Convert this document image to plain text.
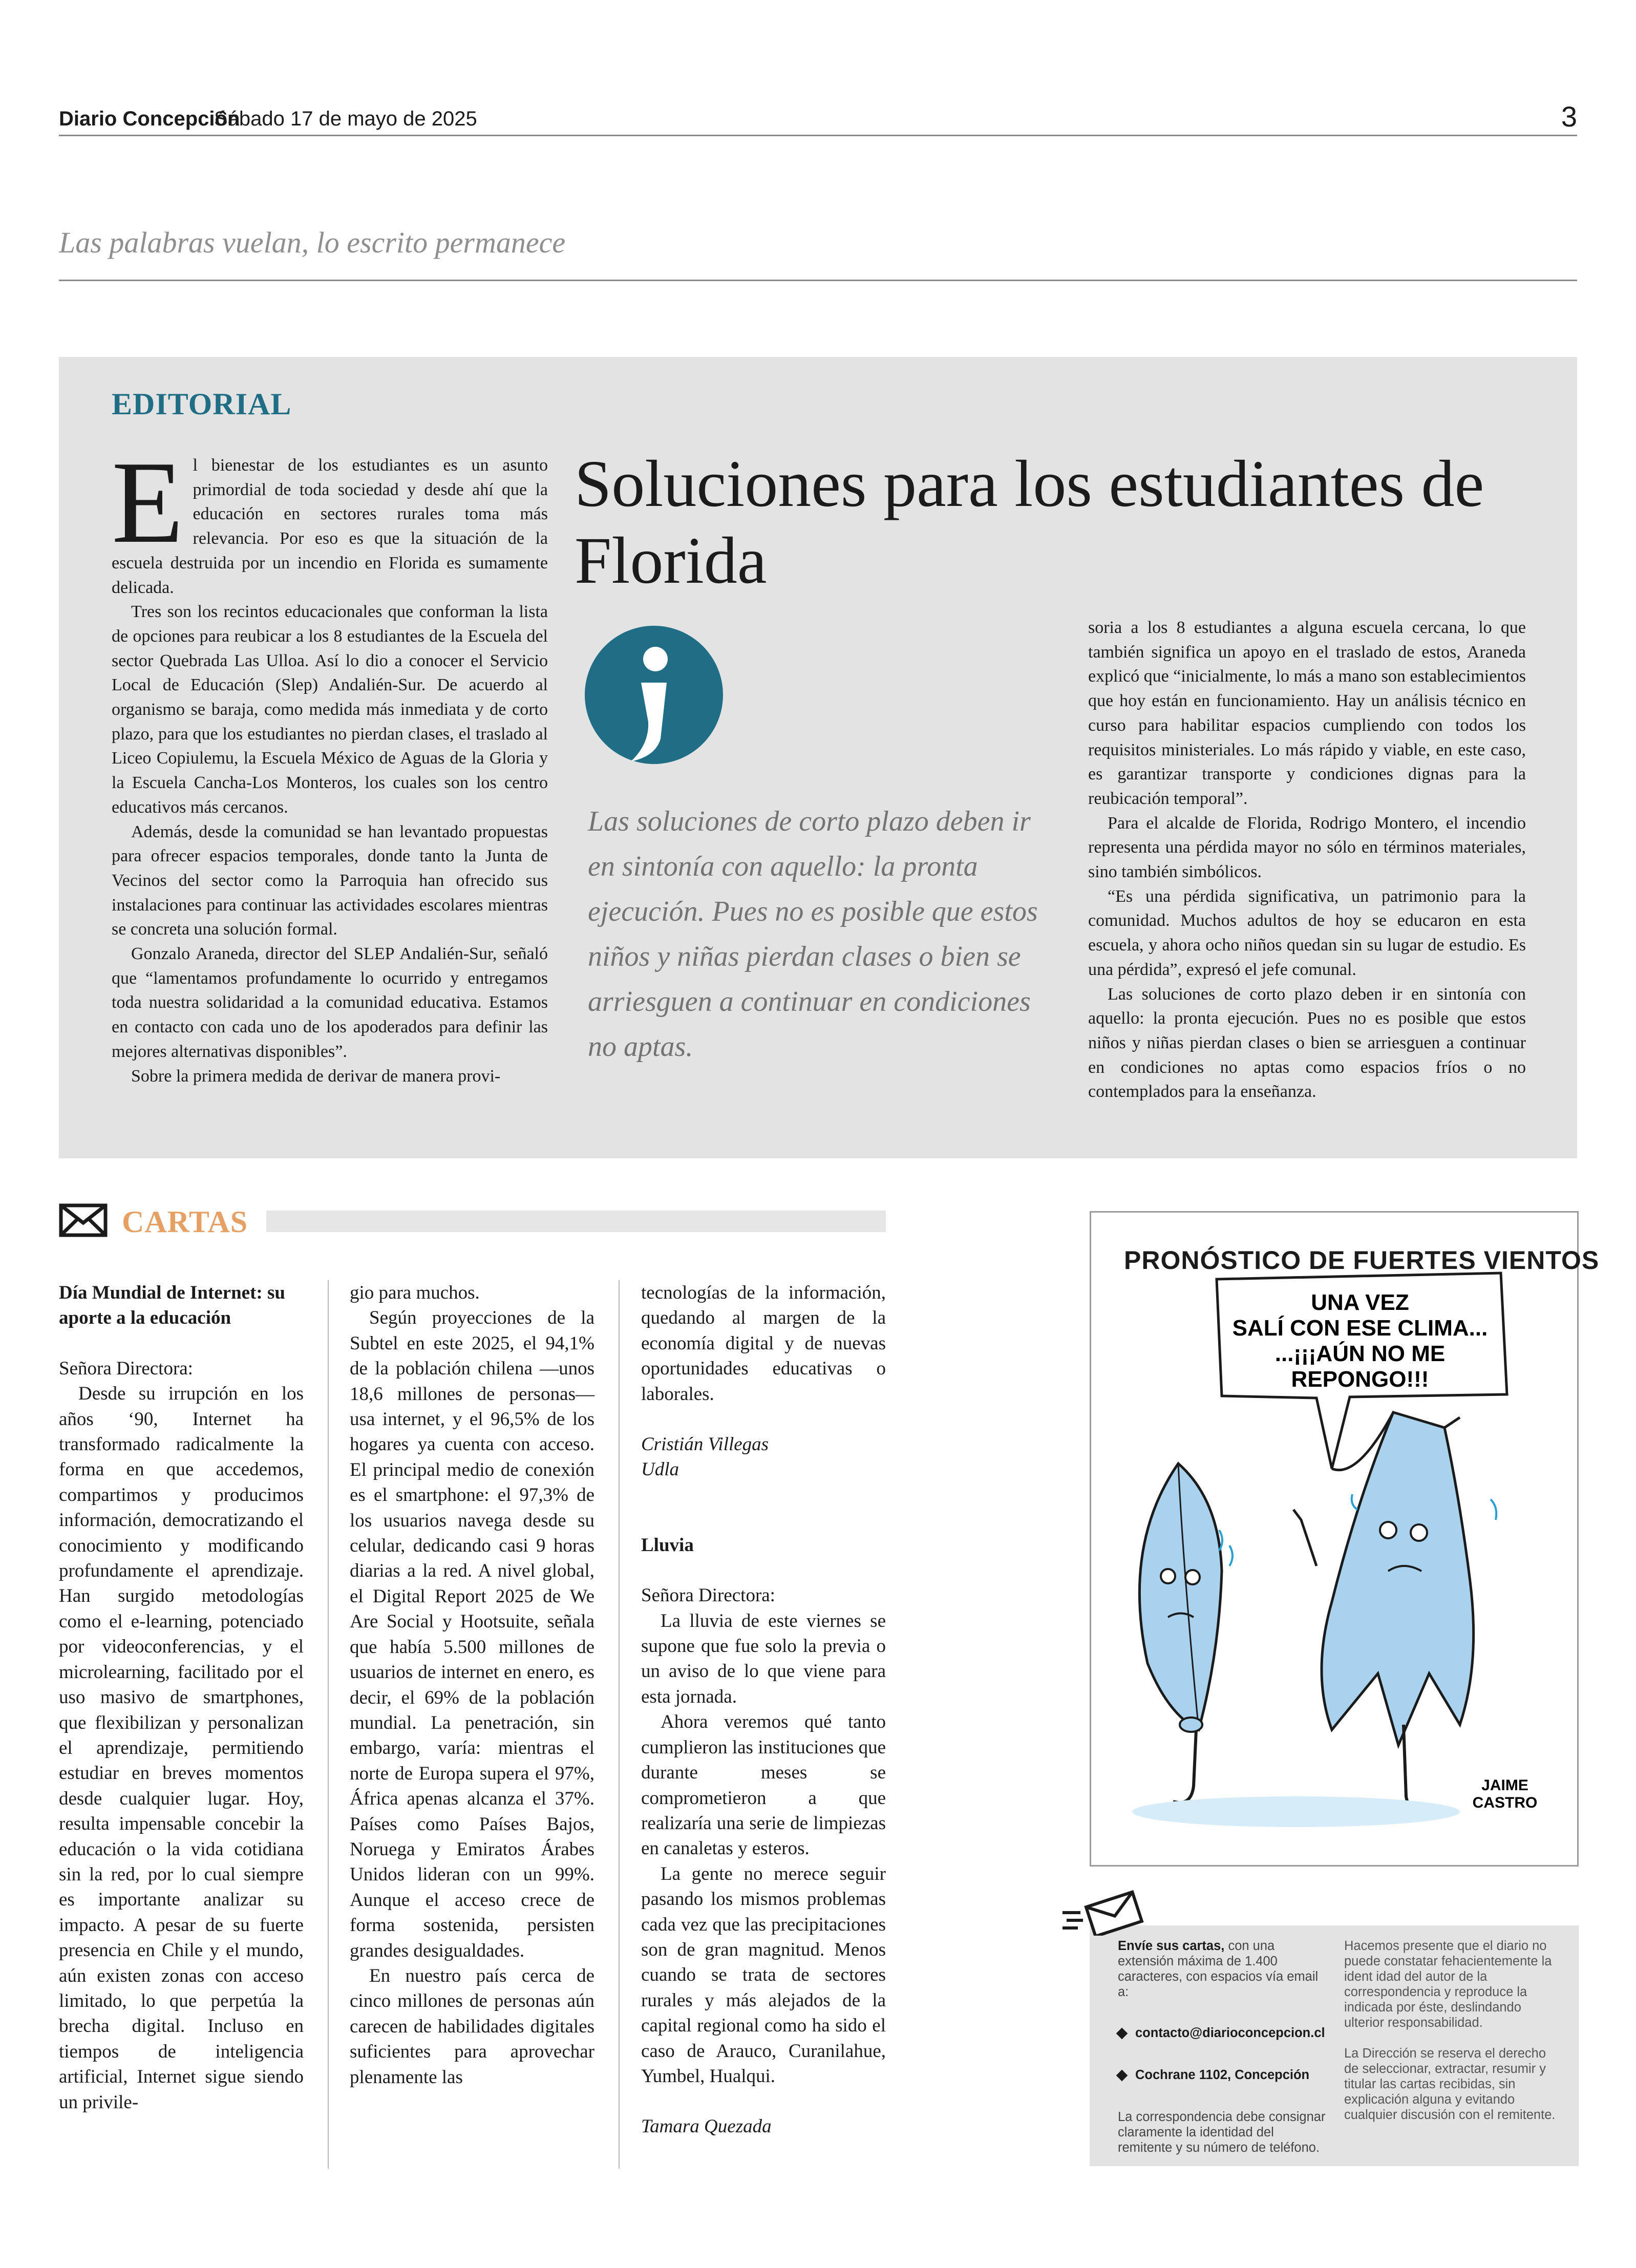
Diario Concepción
Sábado 17 de mayo de 2025	3
Las palabras vuelan, lo escrito permanece
EDITORIAL

El bienestar de los estudiantes es un asunto primordial de toda sociedad y desde ahí que la educación en sectores rurales toma más relevancia. Por eso es que la situación de la escuela destruida por un incendio en Florida es sumamente delicada.

Tres son los recintos educacionales que conforman la lista de opciones para reubicar a los 8 estudiantes de la Escuela del sector Quebrada Las Ulloa. Así lo dio a conocer el Servicio Local de Educación (Slep) Andalién-Sur. De acuerdo al organismo se baraja, como medida más inmediata y de corto plazo, para que los estudiantes no pierdan clases, el traslado al Liceo Copiulemu, la Escuela México de Aguas de la Gloria y la Escuela Cancha-Los Monteros, los cuales son los centro educativos más cercanos.

Además, desde la comunidad se han levantado propuestas para ofrecer espacios temporales, donde tanto la Junta de Vecinos del sector como la Parroquia han ofrecido sus instalaciones para continuar las actividades escolares mientras se concreta una solución formal.

Gonzalo Araneda, director del SLEP Andalién-Sur, señaló que “lamentamos profundamente lo ocurrido y entregamos toda nuestra solidaridad a la comunidad educativa. Estamos en contacto con cada uno de los apoderados para definir las mejores alternativas disponibles”.

Sobre la primera medida de derivar de manera provi-

Soluciones para los estudiantes de Florida
Las soluciones de corto plazo deben ir en sintonía con aquello: la pronta ejecución. Pues no es posible que estos niños y niñas pierdan clases o bien se arriesguen a continuar en condiciones no aptas.

soria a los 8 estudiantes a alguna escuela cercana, lo que también significa un apoyo en el traslado de estos, Araneda explicó que “inicialmente, lo más a mano son establecimientos que hoy están en funcionamiento. Hay un análisis técnico en curso para habilitar espacios cumpliendo con todos los requisitos ministeriales. Lo más rápido y viable, en este caso, es garantizar transporte y condiciones dignas para la reubicación temporal”.

Para el alcalde de Florida, Rodrigo Montero, el incendio representa una pérdida mayor no sólo en términos materiales, sino también simbólicos.

“Es una pérdida significativa, un patrimonio para la comunidad. Muchos adultos de hoy se educaron en esta escuela, y ahora ocho niños quedan sin su lugar de estudio. Es una pérdida”, expresó el jefe comunal.

Las soluciones de corto plazo deben ir en sintonía con aquello: la pronta ejecución. Pues no es posible que estos niños y niñas pierdan clases o bien se arriesguen a continuar en condiciones no aptas como espacios fríos o no contemplados para la enseñanza.

CARTAS

Día Mundial de Internet: su aporte a la educación

Señora Directora:

Desde su irrupción en los años ‘90, Internet ha transformado radicalmente la forma en que accedemos, compartimos y producimos información, democratizando el conocimiento y modificando profundamente el aprendizaje. Han surgido metodologías como el e-learning, potenciado por videoconferencias, y el microlearning, facilitado por el uso masivo de smartphones, que flexibilizan y personalizan el aprendizaje, permitiendo estudiar en breves momentos desde cualquier lugar. Hoy, resulta impensable concebir la educación o la vida cotidiana sin la red, por lo cual siempre es importante analizar su impacto. A pesar de su fuerte presencia en Chile y el mundo, aún existen zonas con acceso limitado, lo que perpetúa la brecha digital. Incluso en tiempos de inteligencia artificial, Internet sigue siendo un privile-

gio para muchos.

Según proyecciones de la Subtel en este 2025, el 94,1% de la población chilena —unos 18,6 millones de personas— usa internet, y el 96,5% de los hogares ya cuenta con acceso. El principal medio de conexión es el smartphone: el 97,3% de los usuarios navega desde su celular, dedicando casi 9 horas diarias a la red. A nivel global, el Digital Report 2025 de We Are Social y Hootsuite, señala que había 5.500 millones de usuarios de internet en enero, es decir, el 69% de la población mundial. La penetración, sin embargo, varía: mientras el norte de Europa supera el 97%, África apenas alcanza el 37%. Países como Países Bajos, Noruega y Emiratos Árabes Unidos lideran con un 99%. Aunque el acceso crece de forma sostenida, persisten grandes desigualdades.

En nuestro país cerca de cinco millones de personas aún carecen de habilidades digitales suficientes para aprovechar plenamente las

tecnologías de la información, quedando al margen de la economía digital y de nuevas oportunidades educativas o laborales.

Cristián Villegas

Udla

Lluvia

Señora Directora:

La lluvia de este viernes se supone que fue solo la previa o un aviso de lo que viene para esta jornada.

Ahora veremos qué tanto cumplieron las instituciones que durante meses se comprometieron a que realizaría una serie de limpiezas en canaletas y esteros.

La gente no merece seguir pasando los mismos problemas cada vez que las precipitaciones son de gran magnitud. Menos cuando se trata de sectores rurales y más alejados de la capital regional como ha sido el caso de Arauco, Curanilahue, Yumbel, Hualqui.

Tamara Quezada

UNA VEZ
SALÍ CON ESE CLIMA...
...¡¡¡AÚN NO ME
REPONGO!!!
JAIME
CASTRO
PRONÓSTICO DE FUERTES VIENTOS
Envíe sus cartas, con una extensión máxima de 1.400 caracteres, con espacios vía email a:
contacto@diarioconcepcion.cl
Cochrane 1102, Concepción
La correspondencia debe consignar claramente la identidad del remitente y su número de teléfono.
Hacemos presente que el diario no puede constatar fehacientemente la ident idad del autor de la correspondencia y reproduce la indicada por éste, deslindando ulterior responsabilidad.
La Dirección se reserva el derecho de seleccionar, extractar, resumir y titular las cartas recibidas, sin explicación alguna y evitando cualquier discusión con el remitente.
